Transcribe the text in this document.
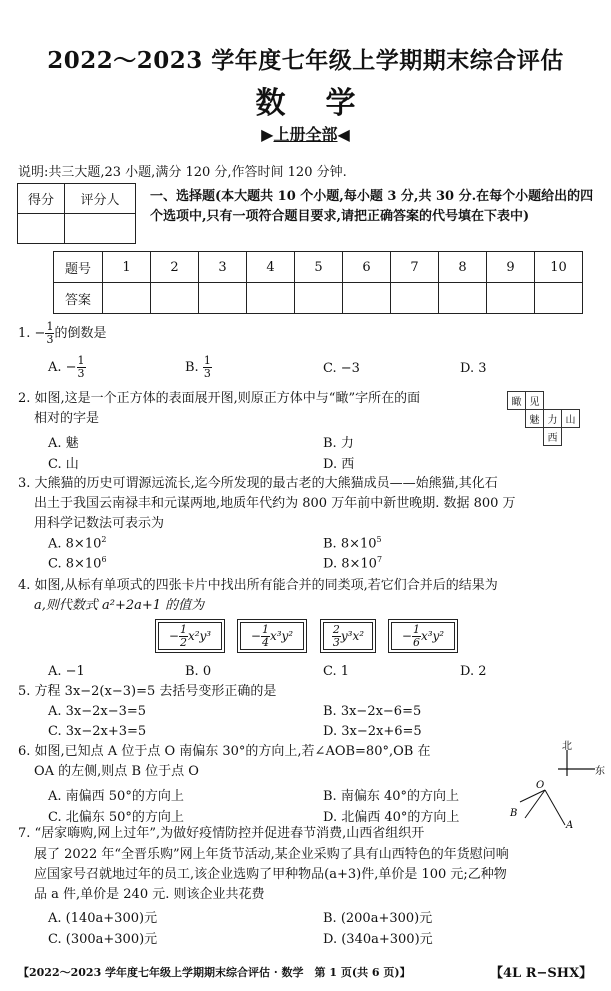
2022～2023 学年度七年级上学期期末综合评估
数学
▶上册全部◀
说明:共三大题,23 小题,满分 120 分,作答时间 120 分钟.
得分	评分人
	一、选择题(本大题共 10 个小题,每小题 3 分,共 30 分.在每个小题给出的四个选项中,只有一项符合题目要求,请把正确答案的代号填在下表中)
题号	1	2	3	4	5	6	7	8	9	10
答案										
1. − $\frac{1}{3}$ 的倒数是
A. − $\frac{1}{3}$	B. $\frac{1}{3}$	C. −3	D. 3
2. 如图,这是一个正方体的表面展开图,则原正方体中与“瞰”字所在的面
相对的字是
A. 魅	B. 力
C. 山	D. 西
瞰	见		
	魅	力	山
		西	
3. 大熊猫的历史可谓源远流长,迄今所发现的最古老的大熊猫成员——始熊猫,其化石
出土于我国云南禄丰和元谋两地,地质年代约为 800 万年前中新世晚期. 数据 800 万
用科学记数法可表示为
A. $8\times 10^2$	B. $8\times 10^5$
C. $8\times 10^6$	D. $8\times 10^7$
4. 如图,从标有单项式的四张卡片中找出所有能合并的同类项,若它们合并后的结果为
a,则代数式 a²+2a+1 的值为
− $\frac{1}{2} x^2y^3$	− $\frac{1}{4} x^3y^2$	$\frac{2}{3} y^3x^2$	− $\frac{1}{6} x^3y^2$
A. −1	B. 0	C. 1	D. 2
5. 方程 3x−2(x−3)=5 去括号变形正确的是
A. 3x−2x−3=5	B. 3x−2x−6=5
C. 3x−2x+3=5	D. 3x−2x+6=5
6. 如图,已知点 A 位于点 O 南偏东 30°的方向上,若∠AOB=80°,OB 在
OA 的左侧,则点 B 位于点 O
A. 南偏西 50°的方向上	B. 南偏东 40°的方向上
C. 北偏东 50°的方向上	D. 北偏西 40°的方向上
北
东
O
A
B
7. “居家嗨购,网上过年”,为做好疫情防控并促进春节消费,山西省组织开
展了 2022 年“全晋乐购”网上年货节活动,某企业采购了具有山西特色的年货慰问响
应国家号召就地过年的员工,该企业选购了甲种物品(a+3)件,单价是 100 元;乙种物
品 a 件,单价是 240 元. 则该企业共花费
A. (140a+300)元	B. (200a+300)元
C. (300a+300)元	D. (340a+300)元
【2022～2023 学年度七年级上学期期末综合评估 · 数学　第 1 页(共 6 页)】	【4L R−SHX】
